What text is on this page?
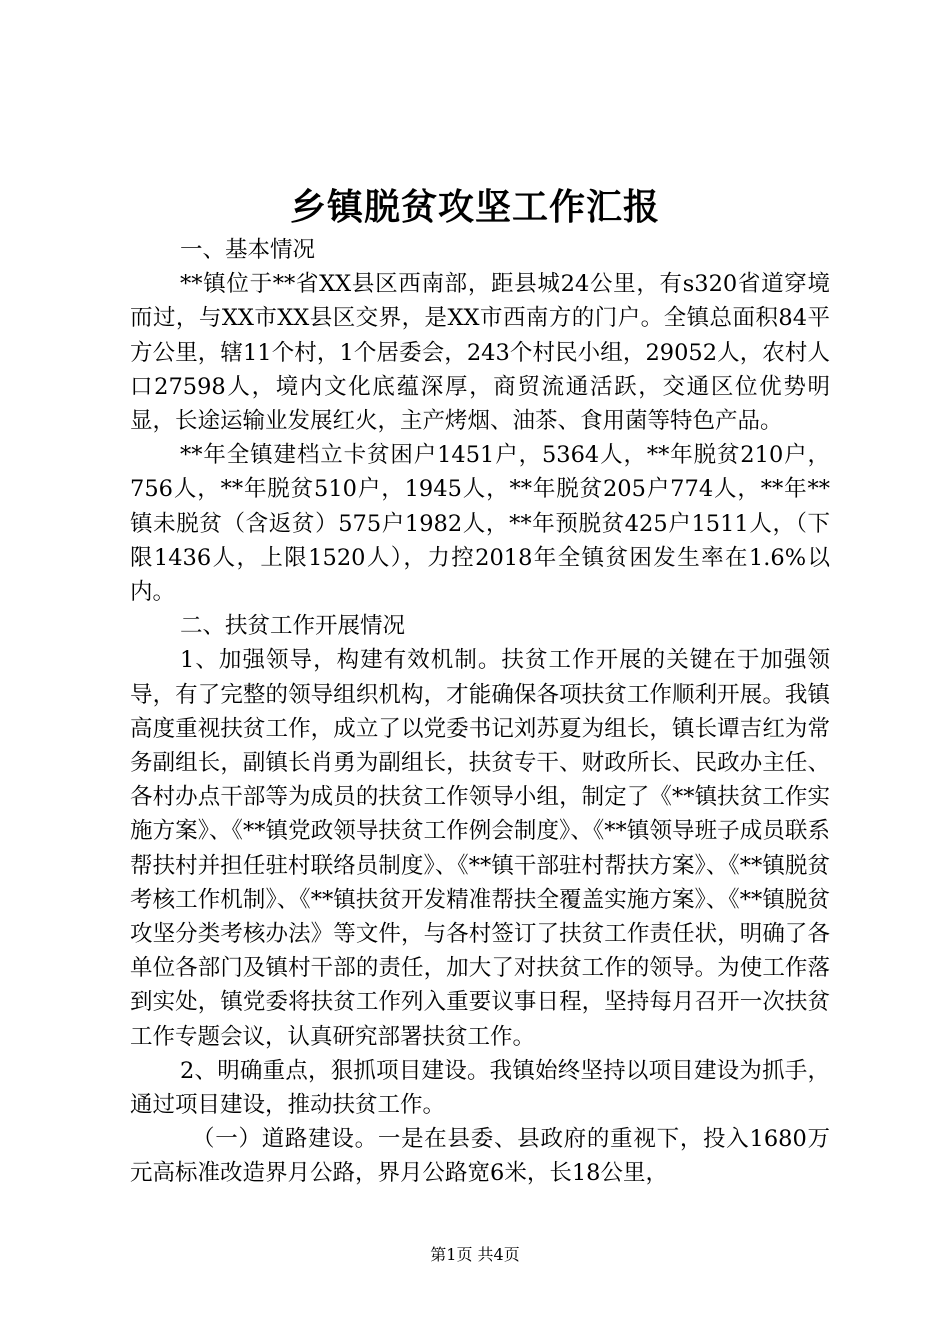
乡镇脱贫攻坚工作汇报

一、基本情况

**镇位于**省XX县区西南部，距县城24公里，有s320省道穿境而过，与XX市XX县区交界，是XX市西南方的门户。全镇总面积84平方公里，辖11个村，1个居委会，243个村民小组，29052人，农村人口27598人，境内文化底蕴深厚，商贸流通活跃，交通区位优势明显，长途运输业发展红火，主产烤烟、油茶、食用菌等特色产品。

**年全镇建档立卡贫困户1451户，5364人，**年脱贫210户，756人，**年脱贫510户，1945人，**年脱贫205户774人，**年**镇未脱贫（含返贫）575户1982人，**年预脱贫425户1511人，（下限1436人，上限1520人），力控2018年全镇贫困发生率在1.6%以内。

二、扶贫工作开展情况

1、加强领导，构建有效机制。扶贫工作开展的关键在于加强领导，有了完整的领导组织机构，才能确保各项扶贫工作顺利开展。我镇高度重视扶贫工作，成立了以党委书记刘苏夏为组长，镇长谭吉红为常务副组长，副镇长肖勇为副组长，扶贫专干、财政所长、民政办主任、各村办点干部等为成员的扶贫工作领导小组，制定了《**镇扶贫工作实施方案》、《**镇党政领导扶贫工作例会制度》、《**镇领导班子成员联系帮扶村并担任驻村联络员制度》、《**镇干部驻村帮扶方案》、《**镇脱贫考核工作机制》、《**镇扶贫开发精准帮扶全覆盖实施方案》、《**镇脱贫攻坚分类考核办法》等文件，与各村签订了扶贫工作责任状，明确了各单位各部门及镇村干部的责任，加大了对扶贫工作的领导。为使工作落到实处，镇党委将扶贫工作列入重要议事日程，坚持每月召开一次扶贫工作专题会议，认真研究部署扶贫工作。

2、明确重点，狠抓项目建设。我镇始终坚持以项目建设为抓手，通过项目建设，推动扶贫工作。

（一）道路建设。一是在县委、县政府的重视下，投入1680万元高标准改造界月公路，界月公路宽6米，长18公里，

第1页 共4页
